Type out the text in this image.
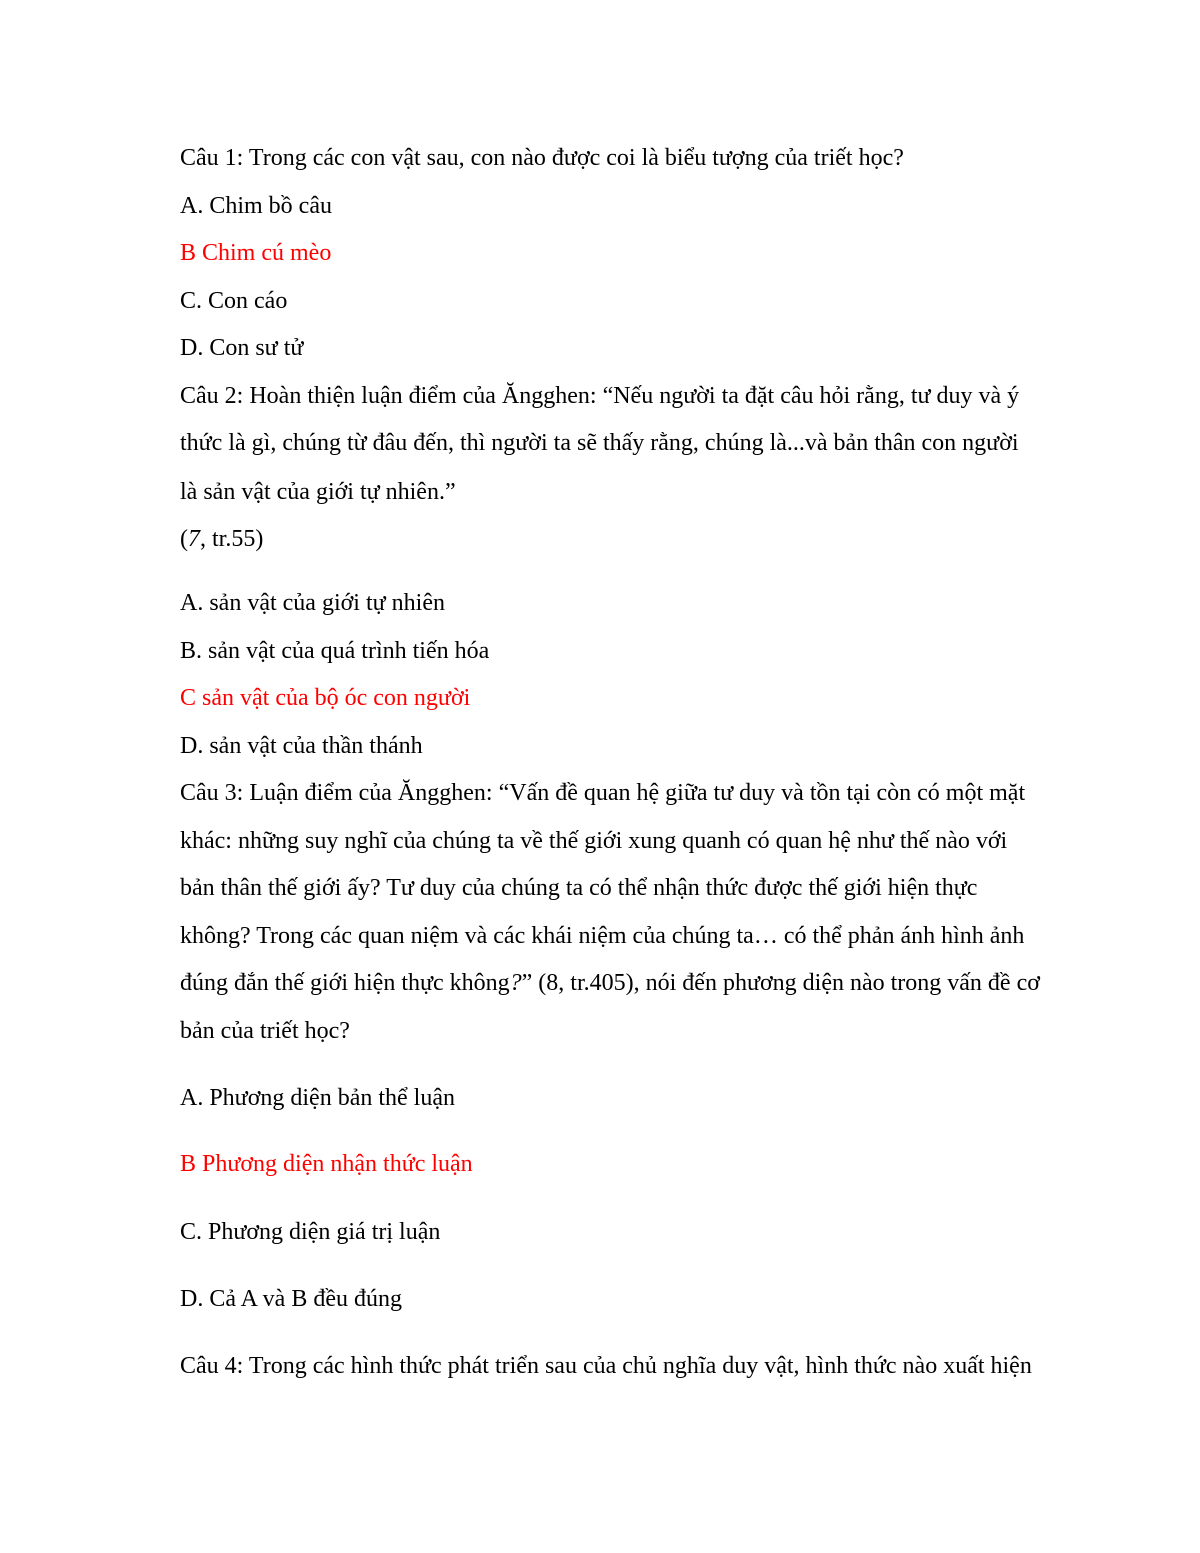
Câu 1: Trong các con vật sau, con nào được coi là biểu tượng của triết học?

A. Chim bồ câu

B Chim cú mèo

C. Con cáo

D. Con sư tử

Câu 2: Hoàn thiện luận điểm của Ăngghen: “Nếu người ta đặt câu hỏi rằng, tư duy và ý

thức là gì, chúng từ đâu đến, thì người ta sẽ thấy rằng, chúng là...và bản thân con người

là sản vật của giới tự nhiên.”

(7, tr.55)

A. sản vật của giới tự nhiên

B. sản vật của quá trình tiến hóa

C sản vật của bộ óc con người

D. sản vật của thần thánh

Câu 3: Luận điểm của Ăngghen: “Vấn đề quan hệ giữa tư duy và tồn tại còn có một mặt

khác: những suy nghĩ của chúng ta về thế giới xung quanh có quan hệ như thế nào với

bản thân thế giới ấy? Tư duy của chúng ta có thể nhận thức được thế giới hiện thực

không? Trong các quan niệm và các khái niệm của chúng ta… có thể phản ánh hình ảnh

đúng đắn thế giới hiện thực không?” (8, tr.405), nói đến phương diện nào trong vấn đề cơ

bản của triết học?

A. Phương diện bản thể luận

B Phương diện nhận thức luận

C. Phương diện giá trị luận

D. Cả A và B đều đúng

Câu 4: Trong các hình thức phát triển sau của chủ nghĩa duy vật, hình thức nào xuất hiện
